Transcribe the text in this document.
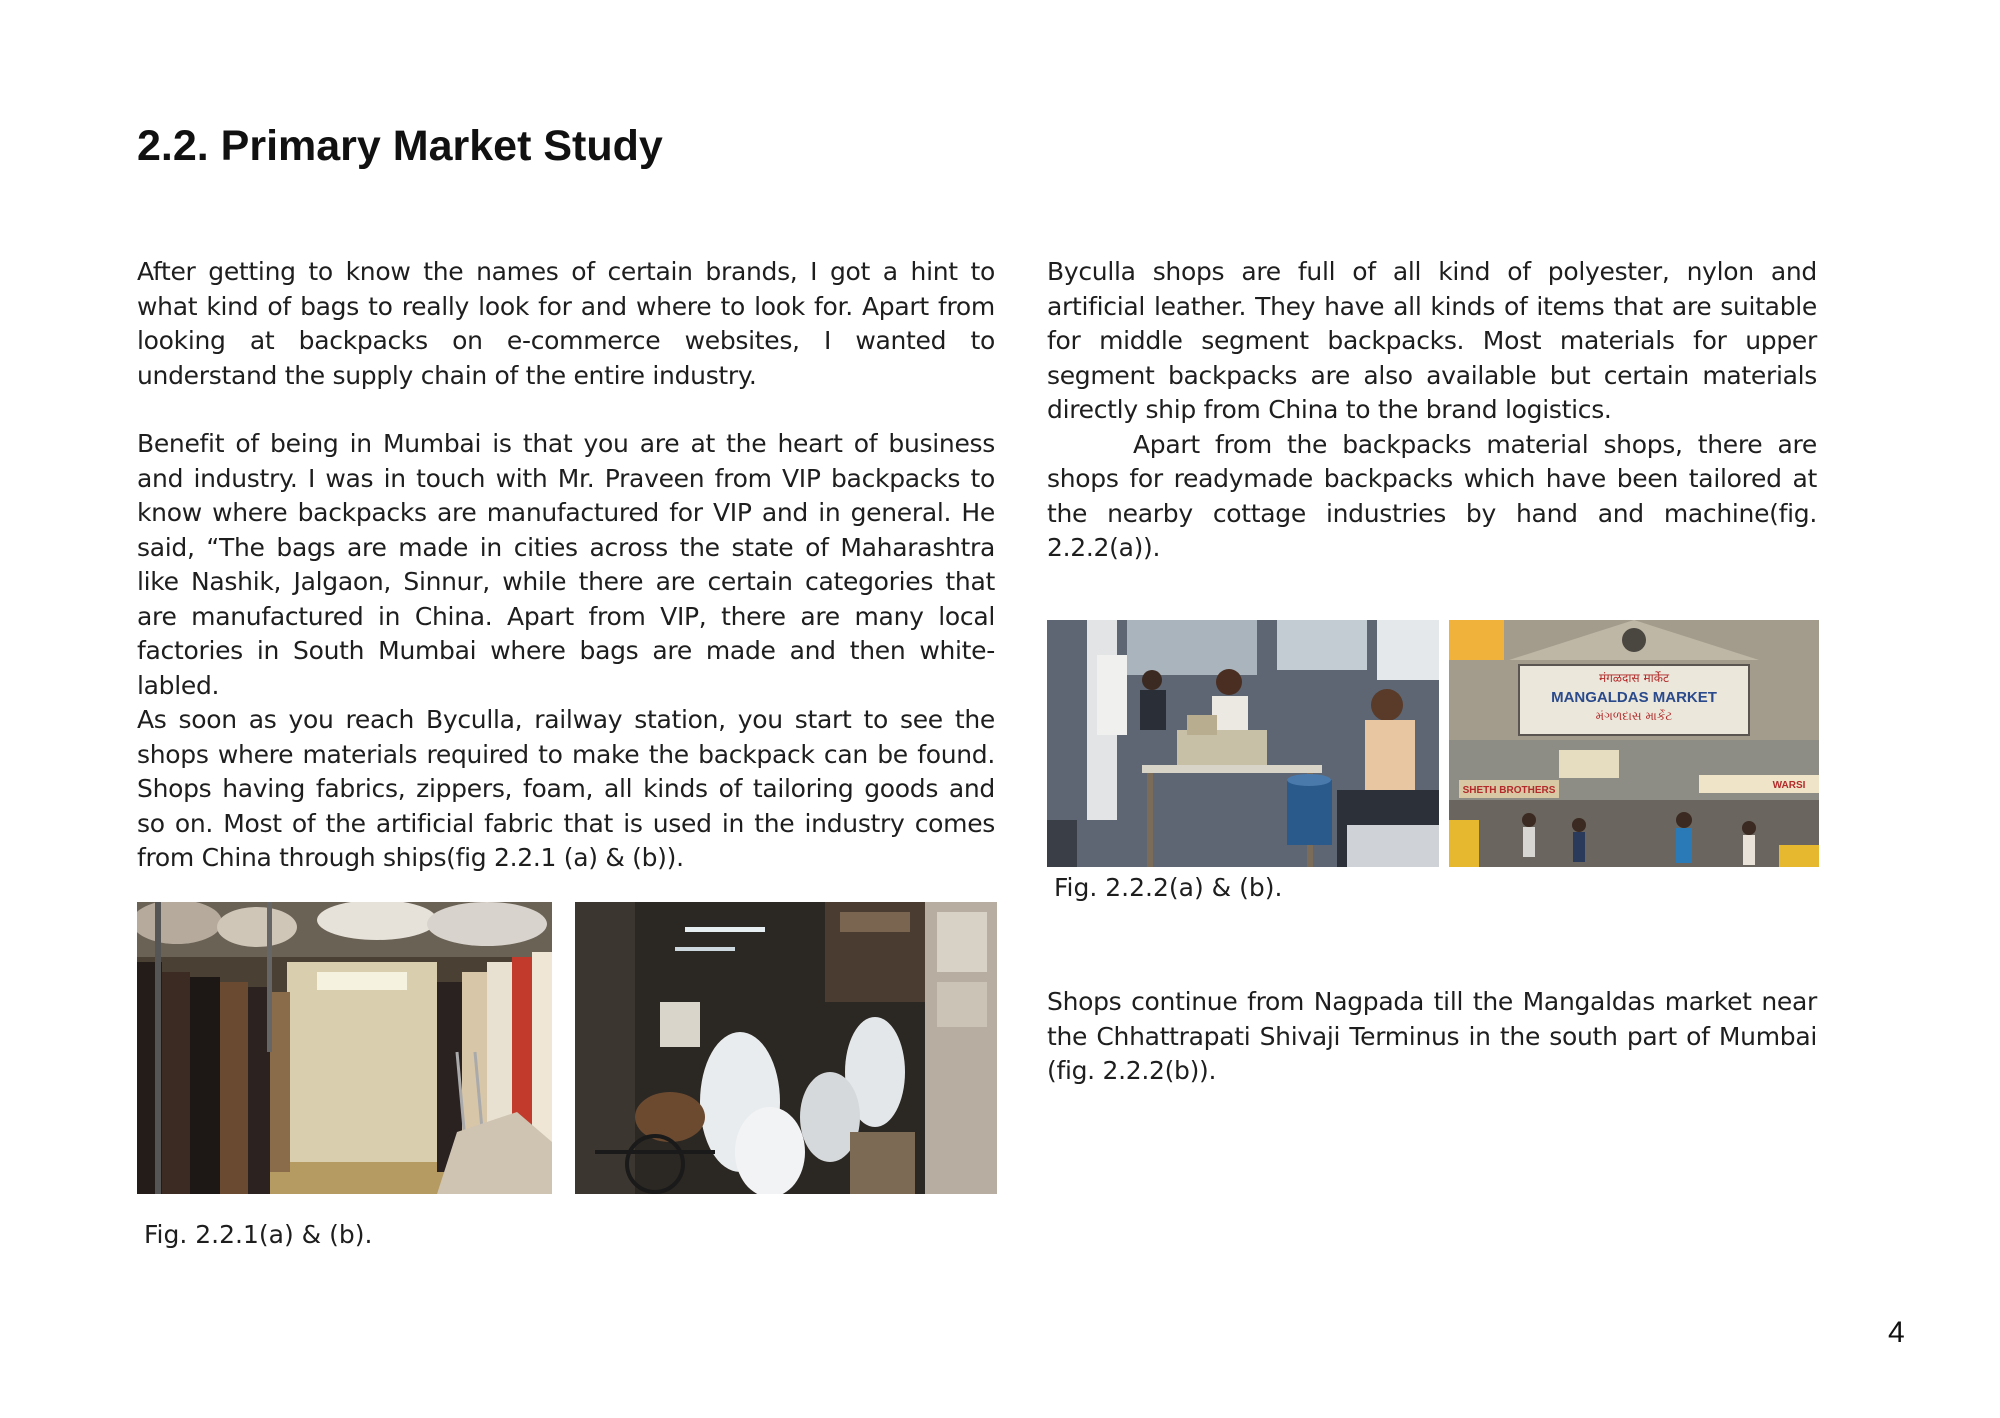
2.2. Primary Market Study

After getting to know the names of certain brands, I got a hint to what kind of bags to really look for and where to look for. Apart from looking at backpacks on e-commerce websites, I wanted to understand the supply chain of the entire industry.

Benefit of being in Mumbai is that you are at the heart of business and industry. I was in touch with Mr. Praveen from VIP backpacks to know where backpacks are manufactured for VIP and in general. He said, “The bags are made in cities across the state of Maharashtra like Nashik, Jalgaon, Sinnur, while there are certain categories that are manufactured in China. Apart from VIP, there are many local factories in South Mumbai where bags are made and then white-labled.

As soon as you reach Byculla, railway station, you start to see the shops where materials required to make the backpack can be found. Shops having fabrics, zippers, foam, all kinds of tailoring goods and so on. Most of the artificial fabric that is used in the industry comes from China through ships(fig 2.2.1 (a) & (b)).

Byculla shops are full of all kind of polyester, nylon and artificial leather. They have all kinds of items that are suitable for middle segment backpacks. Most materials for upper segment backpacks are also available but certain materials directly ship from China to the brand logistics.

Apart from the backpacks material shops, there are shops for readymade backpacks which have been tailored at the nearby cottage industries by hand and machine(fig. 2.2.2(a)).

Shops continue from Nagpada till the Mangaldas market near the Chhattrapati Shivaji Terminus in the south part of Mumbai (fig. 2.2.2(b)).

Fig. 2.2.1(a) & (b).
मंगळदास मार्केट
MANGALDAS MARKET
મંગળદાસ માર્કેટ
SHETH BROTHERS	WARSI
Fig. 2.2.2(a) & (b).
4
